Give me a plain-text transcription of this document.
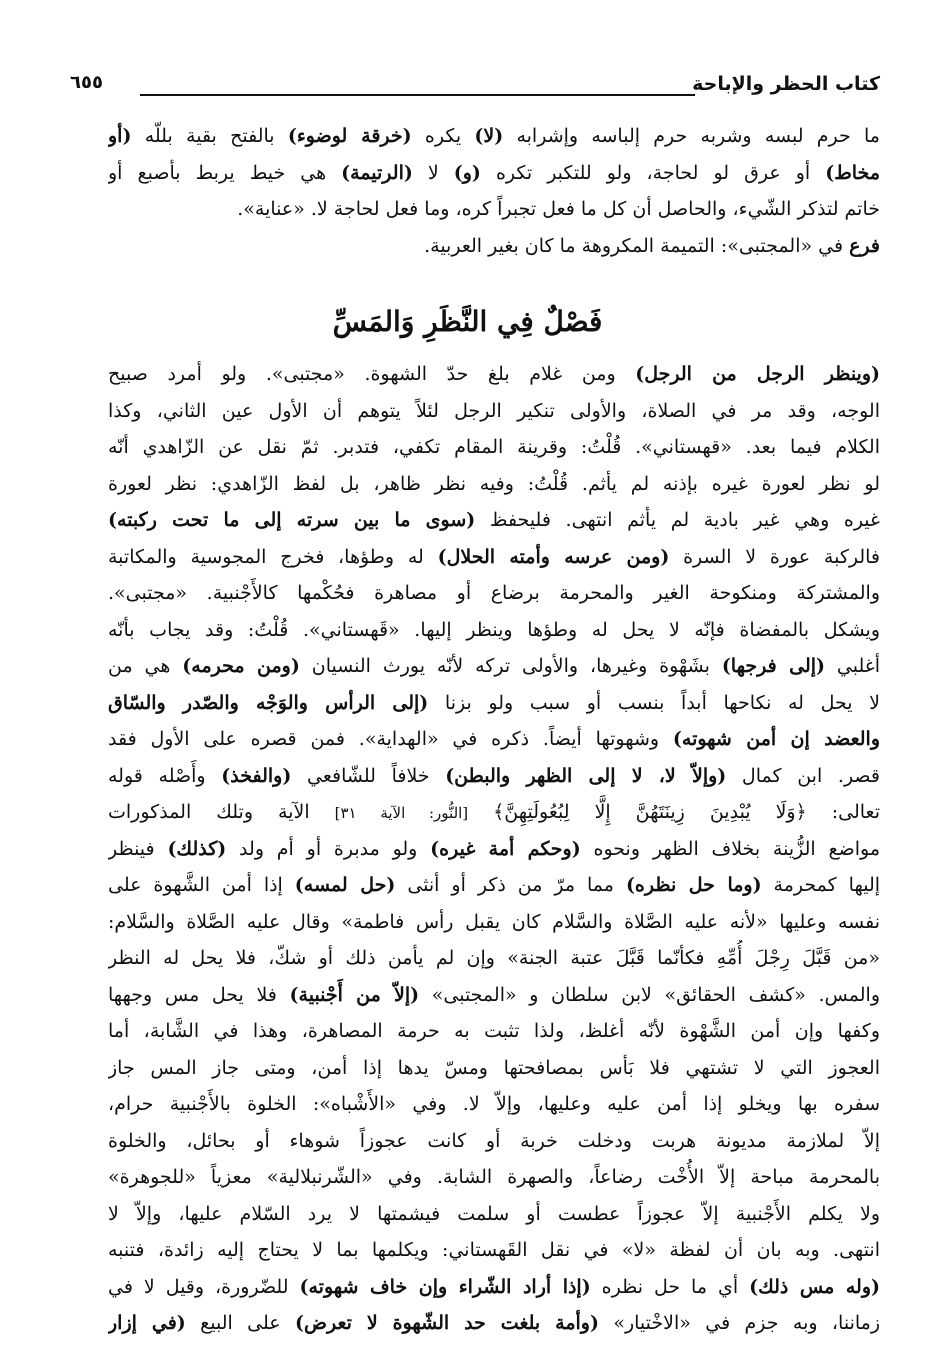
كتاب الحظر والإباحة
٦٥٥
ما حرم لبسه وشربه حرم إلباسه وإشرابه (لا) يكره (خرقة لوضوء) بالفتح بقية بللّه (أو
مخاط) أو عرق لو لحاجة، ولو للتكبر تكره (و) لا (الرتيمة) هي خيط يربط بأصبع أو
خاتم لتذكر الشّيء، والحاصل أن كل ما فعل تجبراً كره، وما فعل لحاجة لا. «عناية».
فرع في «المجتبى»: التميمة المكروهة ما كان بغير العربية.
فَصْلٌ فِي النَّظَرِ وَالمَسِّ
(وينظر الرجل من الرجل) ومن غلام بلغ حدّ الشهوة. «مجتبى». ولو أمرد صبيح
الوجه، وقد مر في الصلاة، والأولى تنكير الرجل لئلاً يتوهم أن الأول عين الثاني، وكذا
الكلام فيما بعد. «قهستاني». قُلْتُ: وقرينة المقام تكفي، فتدبر. ثمّ نقل عن الزّاهدي أنّه
لو نظر لعورة غيره بإذنه لم يأثم. قُلْتُ: وفيه نظر ظاهر، بل لفظ الزّاهدي: نظر لعورة
غيره وهي غير بادية لم يأثم انتهى. فليحفظ (سوى ما بين سرته إلى ما تحت ركبته)
فالركبة عورة لا السرة (ومن عرسه وأمته الحلال) له وطؤها، فخرج المجوسية والمكاتبة
والمشتركة ومنكوحة الغير والمحرمة برضاع أو مصاهرة فحُكْمها كالأَجْنبية. «مجتبى».
ويشكل بالمفضاة فإنّه لا يحل له وطؤها وينظر إليها. «قَهستاني». قُلْتُ: وقد يجاب بأنّه
أغلبي (إلى فرجها) بشَهْوة وغيرها، والأولى تركه لأنّه يورث النسيان (ومن محرمه) هي من
لا يحل له نكاحها أبداً بنسب أو سبب ولو بزنا (إلى الرأس والوَجْه والصّدر والسّاق
والعضد إن أمن شهوته) وشهوتها أيضاً. ذكره في «الهداية». فمن قصره على الأول فقد
قصر. ابن كمال (وإلاّ لا، لا إلى الظهر والبطن) خلافاً للشّافعي (والفخذ) وأَصْله قوله
تعالى: ﴿وَلَا يُبْدِينَ زِينَتَهُنَّ إِلَّا لِبُعُولَتِهِنَّ﴾ [النُّور: الآية ٣١] الآية وتلك المذكورات
مواضع الزُّينة بخلاف الظهر ونحوه (وحكم أمة غيره) ولو مدبرة أو أم ولد (كذلك) فينظر
إليها كمحرمة (وما حل نظره) مما مرّ من ذكر أو أنثى (حل لمسه) إذا أمن الشَّهوة على
نفسه وعليها «لأنه عليه الصَّلاة والسَّلام كان يقبل رأس فاطمة» وقال عليه الصَّلاة والسَّلام:
«من قَبَّلَ رِجْلَ أُمِّهِ فكأنّما قَبَّلَ عتبة الجنة» وإن لم يأمن ذلك أو شكّ، فلا يحل له النظر
والمس. «كشف الحقائق» لابن سلطان و «المجتبى» (إلاّ من أَجْنبية) فلا يحل مس وجهها
وكفها وإن أمن الشَّهْوة لأنّه أغلظ، ولذا تثبت به حرمة المصاهرة، وهذا في الشَّابة، أما
العجوز التي لا تشتهي فلا بَأس بمصافحتها ومسّ يدها إذا أمن، ومتى جاز المس جاز
سفره بها ويخلو إذا أمن عليه وعليها، وإلاّ لا. وفي «الأَشْباه»: الخلوة بالأَجْنبية حرام،
إلاّ لملازمة مديونة هربت ودخلت خربة أو كانت عجوزاً شوهاء أو بحائل، والخلوة
بالمحرمة مباحة إلاّ الأُخْت رضاعاً، والصهرة الشابة. وفي «الشّرنبلالية» معزياً «للجوهرة»
ولا يكلم الأَجْنبية إلاّ عجوزاً عطست أو سلمت فيشمتها لا يرد السّلام عليها، وإلاّ لا
انتهى. وبه بان أن لفظة «لا» في نقل القَهستاني: ويكلمها بما لا يحتاج إليه زائدة، فتنبه
(وله مس ذلك) أي ما حل نظره (إذا أراد الشّراء وإن خاف شهوته) للضّرورة، وقيل لا في
زماننا، وبه جزم في «الاخْتيار» (وأمة بلغت حد الشّهوة لا تعرض) على البيع (في إزار
